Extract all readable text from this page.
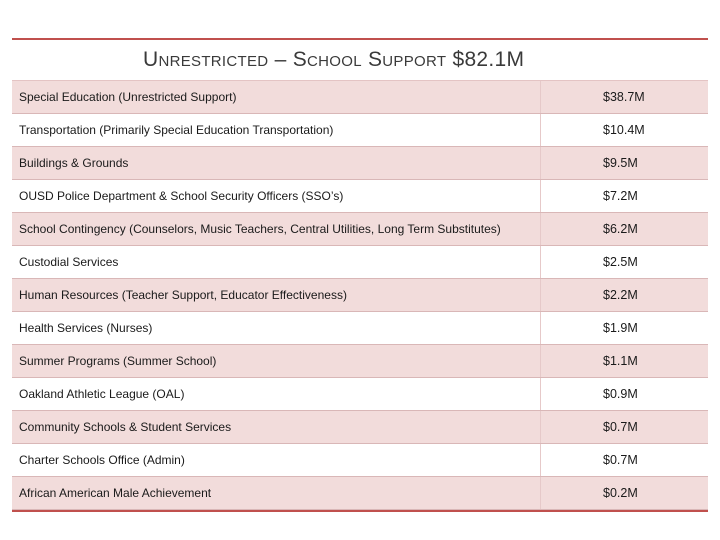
Unrestricted – School Support $82.1M
Special Education (Unrestricted Support)	$38.7M
Transportation (Primarily Special Education Transportation)	$10.4M
Buildings & Grounds	$9.5M
OUSD Police Department & School Security Officers (SSO’s)	$7.2M
School Contingency (Counselors, Music Teachers, Central Utilities, Long Term Substitutes)	$6.2M
Custodial Services	$2.5M
Human Resources (Teacher Support, Educator Effectiveness)	$2.2M
Health Services (Nurses)	$1.9M
Summer Programs (Summer School)	$1.1M
Oakland Athletic League (OAL)	$0.9M
Community Schools & Student Services	$0.7M
Charter Schools Office (Admin)	$0.7M
African American Male Achievement	$0.2M
